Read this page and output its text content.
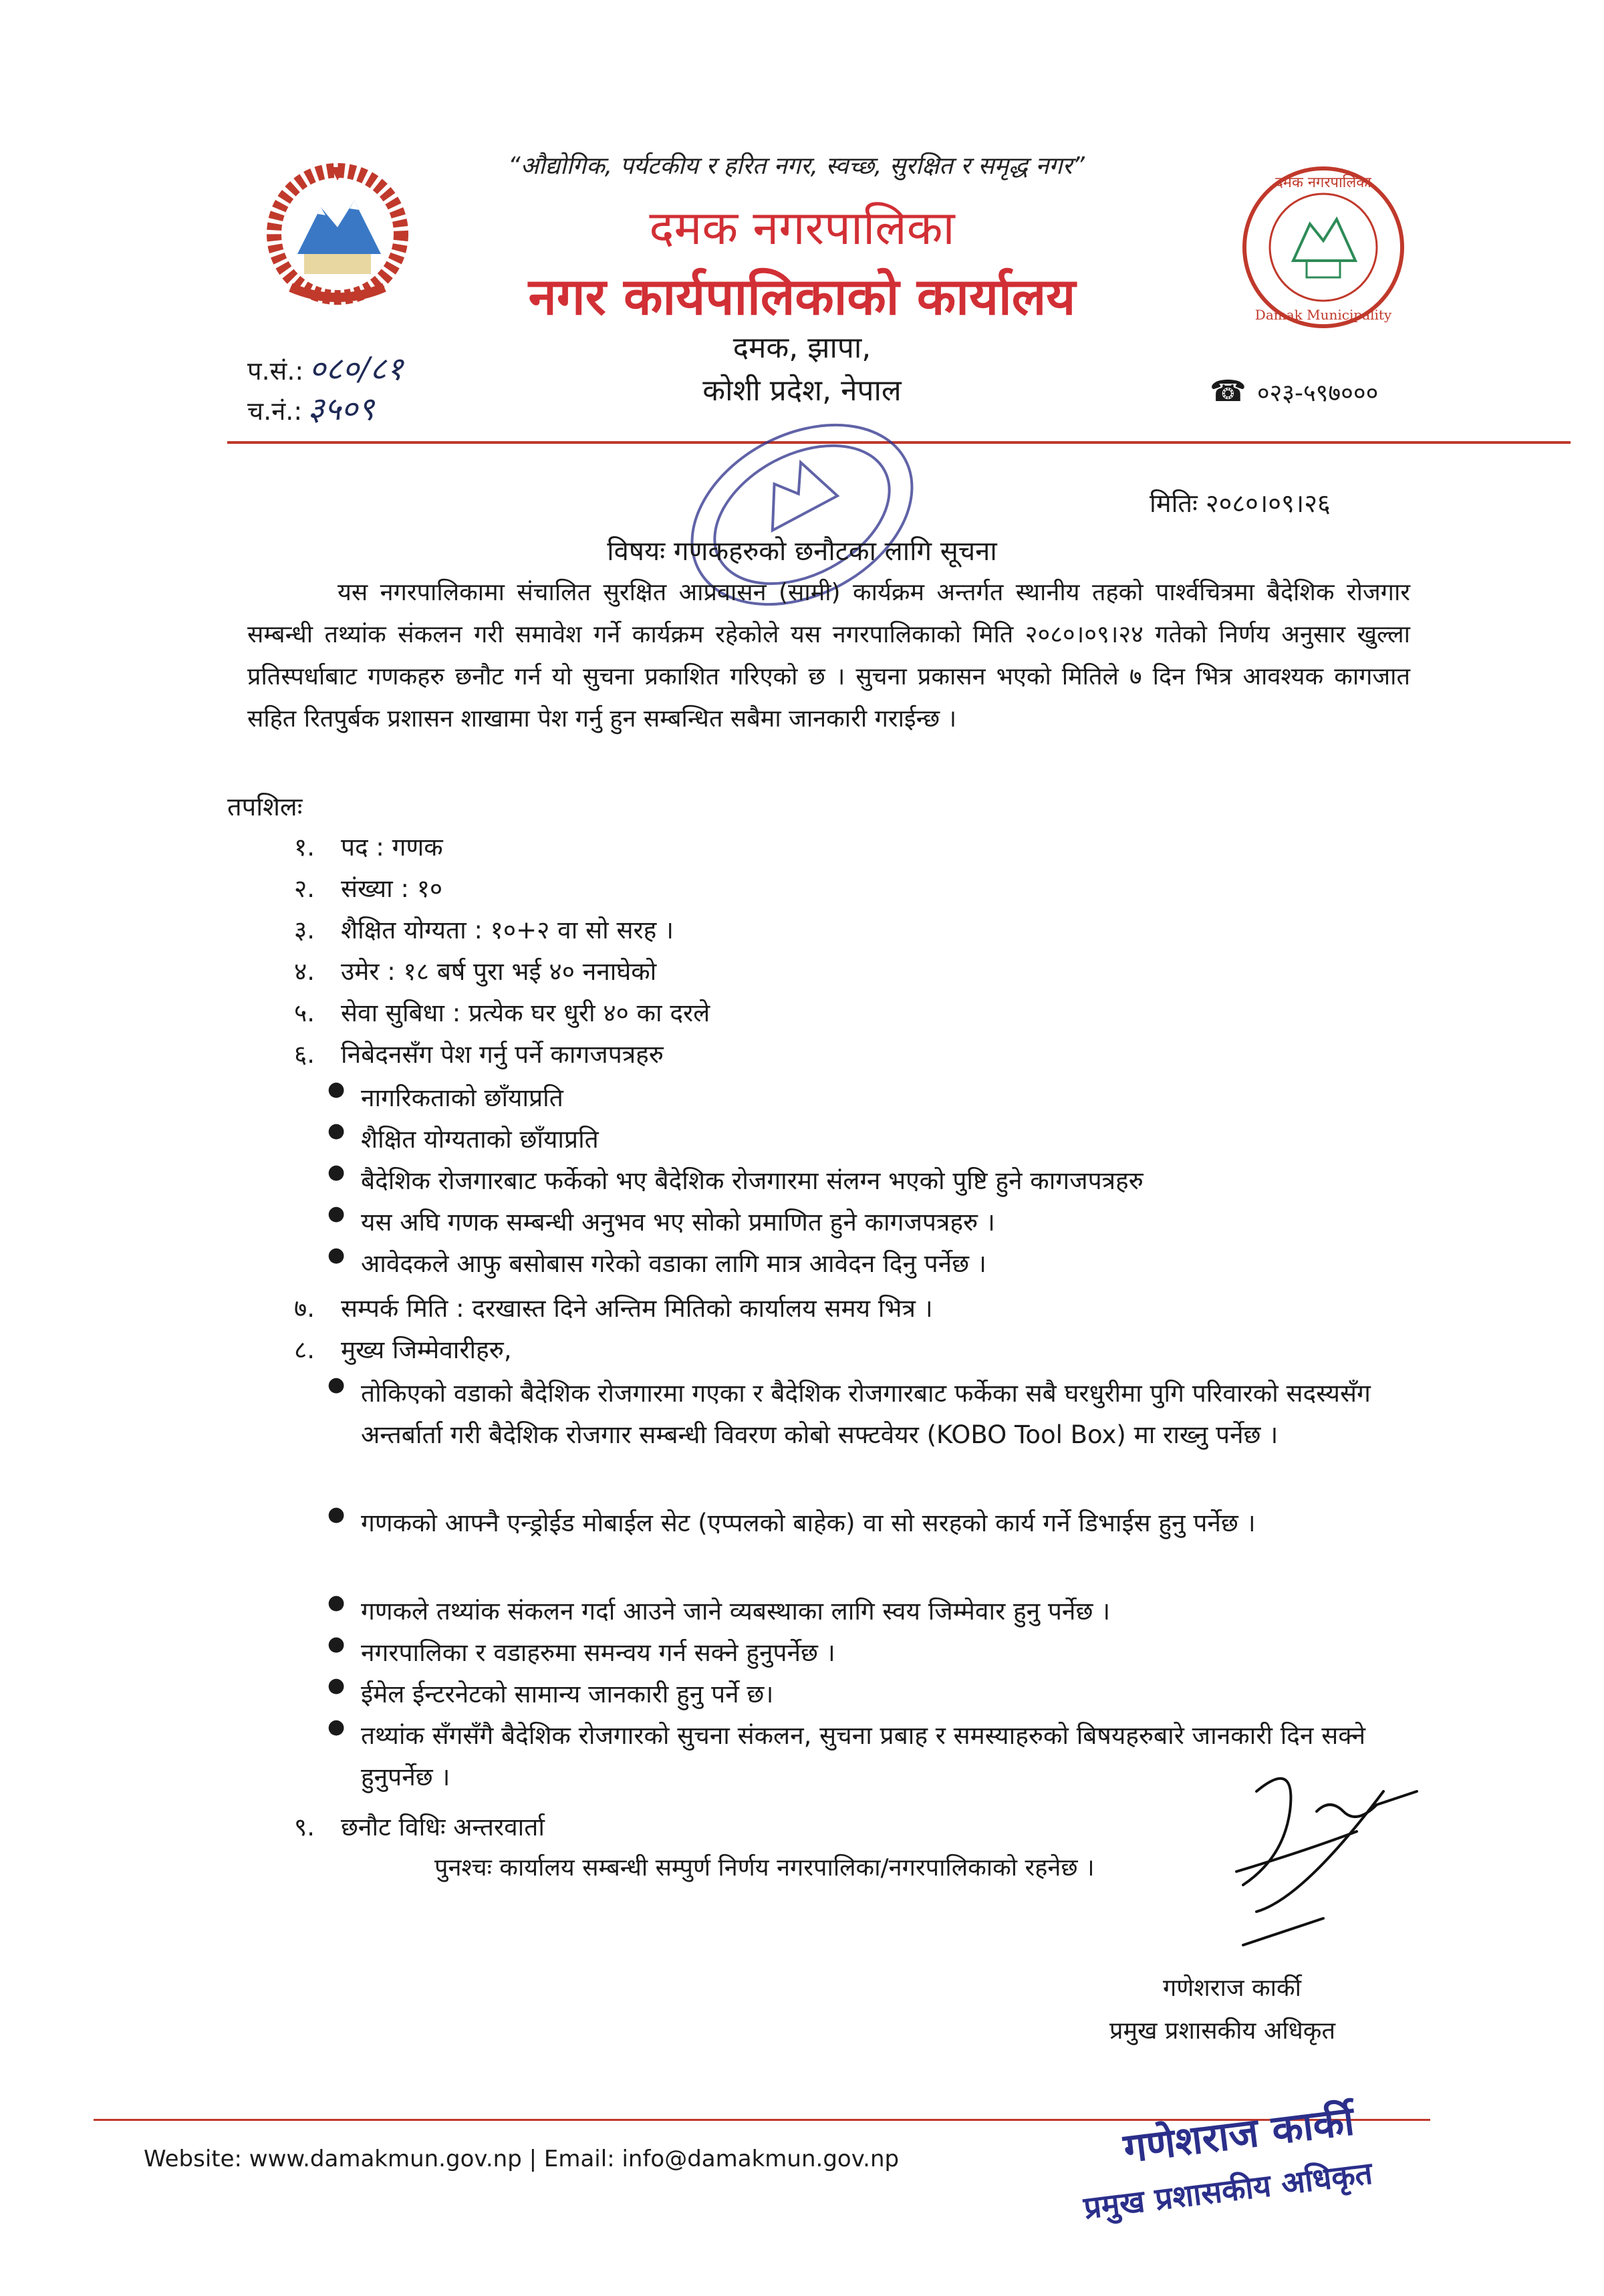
दमक नगरपालिका
Damak Municipality
“औद्योगिक, पर्यटकीय र हरित नगर, स्वच्छ, सुरक्षित र समृद्ध नगर”
दमक नगरपालिका
नगर कार्यपालिकाको कार्यालय
दमक, झापा,
कोशी प्रदेश, नेपाल
प.सं.: ०८०/८१
च.नं.: ३५०९	☎ ०२३-५९७०००
मितिः २०८०।०९।२६
विषयः गणकहरुको छनौटका लागि सूचना
यस नगरपालिकामा संचालित सुरक्षित आप्रवासन (सामी) कार्यक्रम अन्तर्गत स्थानीय तहको पार्श्वचित्रमा बैदेशिक रोजगार सम्बन्धी तथ्यांक संकलन गरी समावेश गर्ने कार्यक्रम रहेकोले यस नगरपालिकाको मिति २०८०।०९।२४ गतेको निर्णय अनुसार खुल्ला प्रतिस्पर्धाबाट गणकहरु छनौट गर्न यो सुचना प्रकाशित गरिएको छ । सुचना प्रकासन भएको मितिले ७ दिन भित्र आवश्यक कागजात सहित रितपुर्बक प्रशासन शाखामा पेश गर्नु हुन सम्बन्धित सबैमा जानकारी गराईन्छ ।
तपशिलः
१. पद : गणक
२. संख्या : १०
३. शैक्षित योग्यता : १०+२ वा सो सरह ।
४. उमेर : १८ बर्ष पुरा भई ४० ननाघेको
५. सेवा सुबिधा : प्रत्येक घर धुरी ४० का दरले
६. निबेदनसँग पेश गर्नु पर्ने कागजपत्रहरु
● नागरिकताको छाँयाप्रति
● शैक्षित योग्यताको छाँयाप्रति
● बैदेशिक रोजगारबाट फर्केको भए बैदेशिक रोजगारमा संलग्न भएको पुष्टि हुने कागजपत्रहरु
● यस अघि गणक सम्बन्धी अनुभव भए सोको प्रमाणित हुने कागजपत्रहरु ।
● आवेदकले आफु बसोबास गरेको वडाका लागि मात्र आवेदन दिनु पर्नेछ ।
७. सम्पर्क मिति : दरखास्त दिने अन्तिम मितिको कार्यालय समय भित्र ।
८. मुख्य जिम्मेवारीहरु,
● तोकिएको वडाको बैदेशिक रोजगारमा गएका र बैदेशिक रोजगारबाट फर्केका सबै घरधुरीमा पुगि परिवारको सदस्यसँग अन्तर्बार्ता गरी बैदेशिक रोजगार सम्बन्धी विवरण कोबो सफ्टवेयर (KOBO Tool Box) मा राख्नु पर्नेछ ।
● गणकको आफ्नै एन्ड्रोईड मोबाईल सेट (एप्पलको बाहेक) वा सो सरहको कार्य गर्ने डिभाईस हुनु पर्नेछ ।
● गणकले तथ्यांक संकलन गर्दा आउने जाने व्यबस्थाका लागि स्वय जिम्मेवार हुनु पर्नेछ ।
● नगरपालिका र वडाहरुमा समन्वय गर्न सक्ने हुनुपर्नेछ ।
● ईमेल ईन्टरनेटको सामान्य जानकारी हुनु पर्ने छ।
● तथ्यांक सँगसँगै बैदेशिक रोजगारको सुचना संकलन, सुचना प्रबाह र समस्याहरुको बिषयहरुबारे जानकारी दिन सक्ने हुनुपर्नेछ ।
९. छनौट विधिः अन्तरवार्ता
पुनश्चः कार्यालय सम्बन्धी सम्पुर्ण निर्णय नगरपालिका/नगरपालिकाको रहनेछ ।
गणेशराज कार्की
प्रमुख प्रशासकीय अधिकृत
Website: www.damakmun.gov.np | Email: info@damakmun.gov.np	गणेशराज कार्की
प्रमुख प्रशासकीय अधिकृत
